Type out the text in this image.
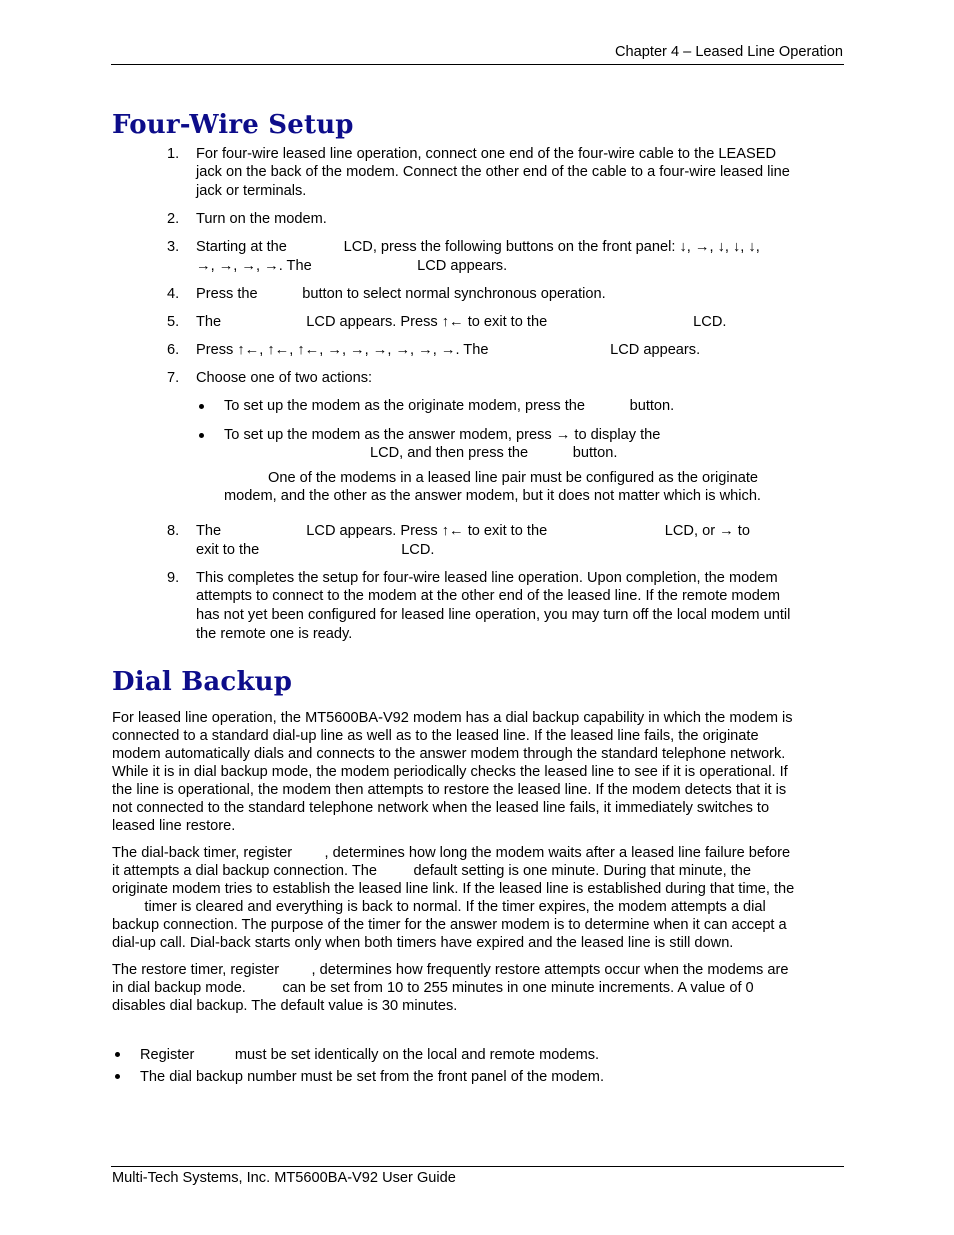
Chapter 4 – Leased Line Operation
Four-Wire Setup
1. For four-wire leased line operation, connect one end of the four-wire cable to the LEASED
jack on the back of the modem. Connect the other end of the cable to a four-wire leased line
jack or terminals.
2. Turn on the modem.
3. Starting at the              LCD, press the following buttons on the front panel: ↓, →, ↓, ↓, ↓,
→, →, →, →. The                          LCD appears.
4. Press the           button to select normal synchronous operation.
5. The                     LCD appears. Press ↑← to exit to the                                    LCD.
6. Press ↑←, ↑←, ↑←, →, →, →, →, →, →. The                              LCD appears.
7. Choose one of two actions:
To set up the modem as the originate modem, press the           button.
To set up the modem as the answer modem, press → to display the
LCD, and then press the           button.
One of the modems in a leased line pair must be configured as the originate
modem, and the other as the answer modem, but it does not matter which is which.
8. The                     LCD appears. Press ↑← to exit to the                             LCD, or → to
exit to the                                   LCD.
9. This completes the setup for four-wire leased line operation. Upon completion, the modem
attempts to connect to the modem at the other end of the leased line. If the remote modem
has not yet been configured for leased line operation, you may turn off the local modem until
the remote one is ready.
Dial Backup
For leased line operation, the MT5600BA-V92 modem has a dial backup capability in which the modem is
connected to a standard dial-up line as well as to the leased line. If the leased line fails, the originate
modem automatically dials and connects to the answer modem through the standard telephone network.
While it is in dial backup mode, the modem periodically checks the leased line to see if it is operational. If
the line is operational, the modem then attempts to restore the leased line. If the modem detects that it is
not connected to the standard telephone network when the leased line fails, it immediately switches to
leased line restore.
The dial-back timer, register        , determines how long the modem waits after a leased line failure before
it attempts a dial backup connection. The         default setting is one minute. During that minute, the
originate modem tries to establish the leased line link. If the leased line is established during that time, the
timer is cleared and everything is back to normal. If the timer expires, the modem attempts a dial
backup connection. The purpose of the timer for the answer modem is to determine when it can accept a
dial-up call. Dial-back starts only when both timers have expired and the leased line is still down.
The restore timer, register        , determines how frequently restore attempts occur when the modems are
in dial backup mode.         can be set from 10 to 255 minutes in one minute increments. A value of 0
disables dial backup. The default value is 30 minutes.
Register          must be set identically on the local and remote modems.
The dial backup number must be set from the front panel of the modem.
Multi-Tech Systems, Inc. MT5600BA-V92 User Guide
